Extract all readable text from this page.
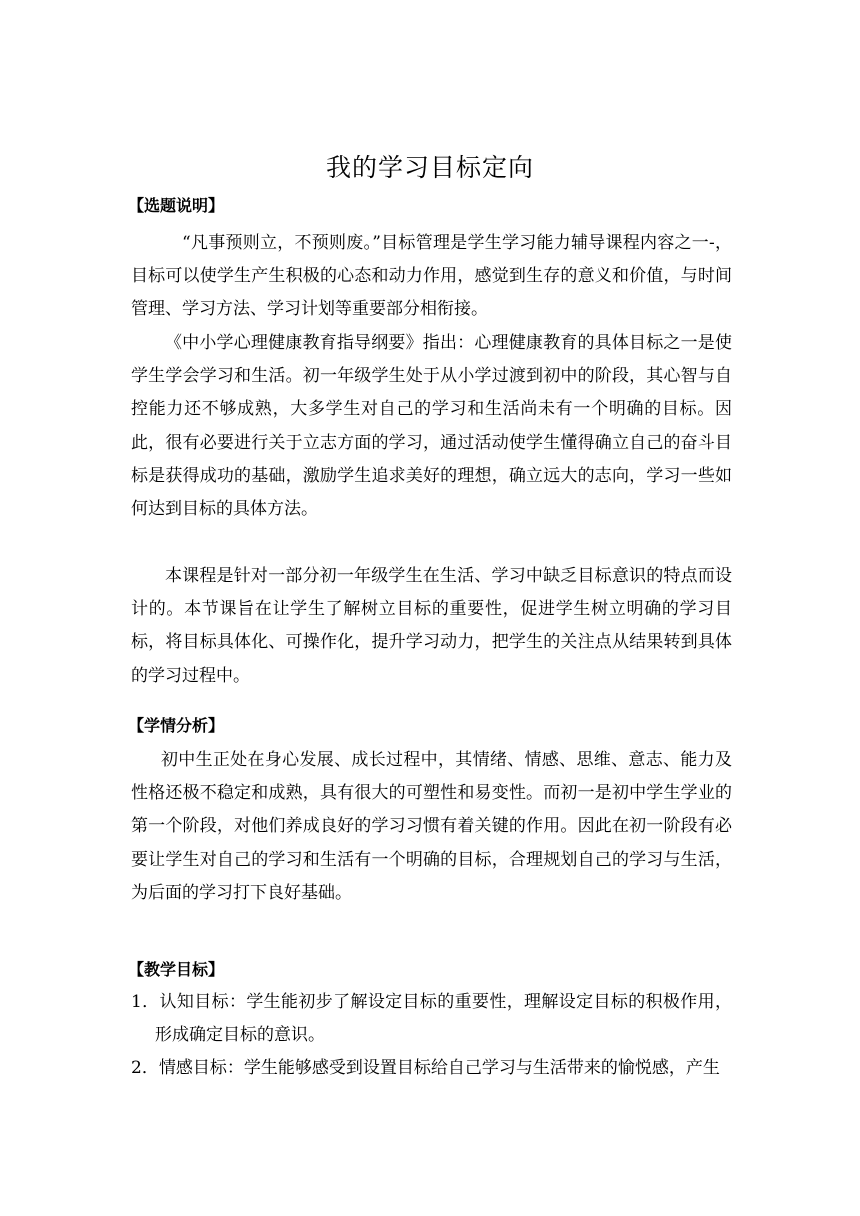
我的学习目标定向
【选题说明】

“凡事预则立，不预则废。”目标管理是学生学习能力辅导课程内容之一-，目标可以使学生产生积极的心态和动力作用，感觉到生存的意义和价值，与时间管理、学习方法、学习计划等重要部分相衔接。

《中小学心理健康教育指导纲要》指出：心理健康教育的具体目标之一是使学生学会学习和生活。初一年级学生处于从小学过渡到初中的阶段，其心智与自控能力还不够成熟，大多学生对自己的学习和生活尚未有一个明确的目标。因此，很有必要进行关于立志方面的学习，通过活动使学生懂得确立自己的奋斗目标是获得成功的基础，激励学生追求美好的理想，确立远大的志向，学习一些如何达到目标的具体方法。

本课程是针对一部分初一年级学生在生活、学习中缺乏目标意识的特点而设计的。本节课旨在让学生了解树立目标的重要性，促进学生树立明确的学习目标，将目标具体化、可操作化，提升学习动力，把学生的关注点从结果转到具体的学习过程中。

【学情分析】

初中生正处在身心发展、成长过程中，其情绪、情感、思维、意志、能力及性格还极不稳定和成熟，具有很大的可塑性和易变性。而初一是初中学生学业的第一个阶段，对他们养成良好的学习习惯有着关键的作用。因此在初一阶段有必要让学生对自己的学习和生活有一个明确的目标，合理规划自己的学习与生活，为后面的学习打下良好基础。

【教学目标】

1．认知目标：学生能初步了解设定目标的重要性，理解设定目标的积极作用，形成确定目标的意识。

2．情感目标：学生能够感受到设置目标给自己学习与生活带来的愉悦感，产生
